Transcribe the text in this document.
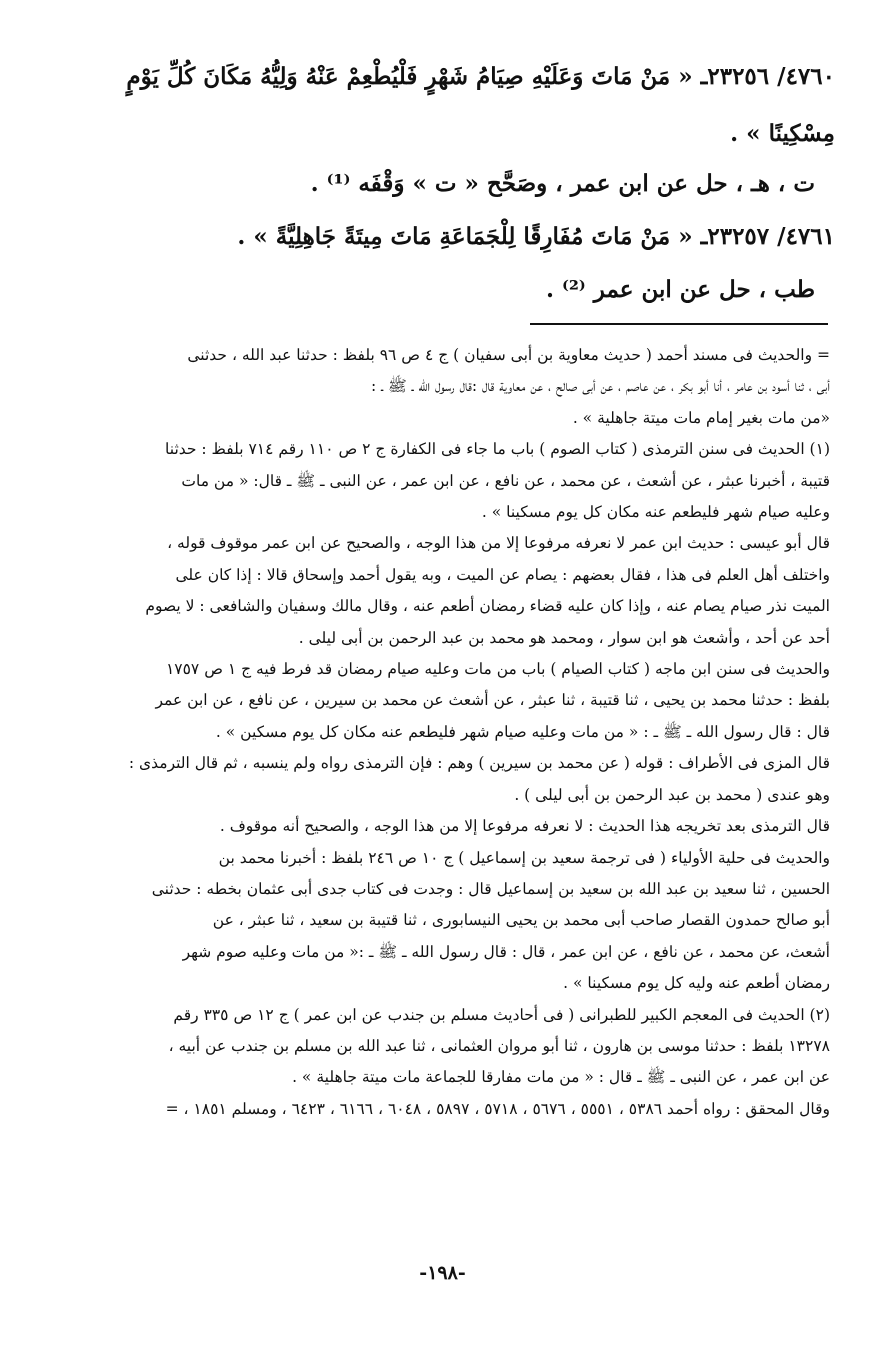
٤٧٦٠/ ٢٣٢٥٦ـ « مَنْ مَاتَ وَعَلَيْهِ صِيَامُ شَهْرٍ فَلْيُطْعِمْ عَنْهُ وَلِيُّهُ مَكَانَ كُلِّ يَوْمٍ

مِسْكِينًا » .

ت ، هـ ، حل عن ابن عمر ، وصَحَّح « ت » وَقْفَه ⁽¹⁾ .

٤٧٦١/ ٢٣٢٥٧ـ « مَنْ مَاتَ مُفَارِقًا لِلْجَمَاعَةِ مَاتَ مِيتَةً جَاهِلِيَّةً » .

طب ، حل عن ابن عمر ⁽²⁾ .

= والحديث فى مسند أحمد ( حديث معاوية بن أبى سفيان ) ج ٤ ص ٩٦ بلفظ : حدثنا عبد الله ، حدثنى

أبى ، ثنا أسود بن عامر ، أنا أبو بكر ، عن عاصم ، عن أبى صالح ، عن معاوية قال :قال رسول الله ـ ﷺ ـ :

«من مات بغير إمام مات ميتة جاهلية » .

(١) الحديث فى سنن الترمذى ( كتاب الصوم ) باب ما جاء فى الكفارة ج ٢ ص ١١٠ رقم ٧١٤ بلفظ : حدثنا

قتيبة ، أخبرنا عبثر ، عن أشعث ، عن محمد ، عن نافع ، عن ابن عمر ، عن النبى ـ ﷺ ـ قال: « من مات

وعليه صيام شهر فليطعم عنه مكان كل يوم مسكينا » .

قال أبو عيسى : حديث ابن عمر لا نعرفه مرفوعا إلا من هذا الوجه ، والصحيح عن ابن عمر موقوف قوله ،

واختلف أهل العلم فى هذا ، فقال بعضهم : يصام عن الميت ، وبه يقول أحمد وإسحاق قالا : إذا كان على

الميت نذر صيام يصام عنه ، وإذا كان عليه قضاء رمضان أطعم عنه ، وقال مالك وسفيان والشافعى : لا يصوم

أحد عن أحد ، وأشعث هو ابن سوار ، ومحمد هو محمد بن عبد الرحمن بن أبى ليلى .

والحديث فى سنن ابن ماجه ( كتاب الصيام ) باب من مات وعليه صيام رمضان قد فرط فيه ج ١ ص ١٧٥٧

بلفظ : حدثنا محمد بن يحيى ، ثنا قتيبة ، ثنا عبثر ، عن أشعث عن محمد بن سيرين ، عن نافع ، عن ابن عمر

قال : قال رسول الله ـ ﷺ ـ : « من مات وعليه صيام شهر فليطعم عنه مكان كل يوم مسكين » .

قال المزى فى الأطراف : قوله ( عن محمد بن سيرين ) وهم : فإن الترمذى رواه ولم ينسبه ، ثم قال الترمذى :

وهو عندى ( محمد بن عبد الرحمن بن أبى ليلى ) .

قال الترمذى بعد تخريجه هذا الحديث : لا نعرفه مرفوعا إلا من هذا الوجه ، والصحيح أنه موقوف .

والحديث فى حلية الأولياء ( فى ترجمة سعيد بن إسماعيل ) ج ١٠ ص ٢٤٦ بلفظ : أخبرنا محمد بن

الحسين ، ثنا سعيد بن عبد الله بن سعيد بن إسماعيل قال : وجدت فى كتاب جدى أبى عثمان بخطه : حدثنى

أبو صالح حمدون القصار صاحب أبى محمد بن يحيى النيسابورى ، ثنا قتيبة بن سعيد ، ثنا عبثر ، عن

أشعث، عن محمد ، عن نافع ، عن ابن عمر ، قال : قال رسول الله ـ ﷺ ـ :« من مات وعليه صوم شهر

رمضان أطعم عنه وليه كل يوم مسكينا » .

(٢) الحديث فى المعجم الكبير للطبرانى ( فى أحاديث مسلم بن جندب عن ابن عمر ) ج ١٢ ص ٣٣٥ رقم

١٣٢٧٨ بلفظ : حدثنا موسى بن هارون ، ثنا أبو مروان العثمانى ، ثنا عبد الله بن مسلم بن جندب عن أبيه ،

عن ابن عمر ، عن النبى ـ ﷺ ـ قال : « من مات مفارقا للجماعة مات ميتة جاهلية » .

وقال المحقق : رواه أحمد ٥٣٨٦ ، ٥٥٥١ ، ٥٦٧٦ ، ٥٧١٨ ، ٥٨٩٧ ، ٦٠٤٨ ، ٦١٦٦ ، ٦٤٢٣ ، ومسلم ١٨٥١ ، =

-١٩٨-
